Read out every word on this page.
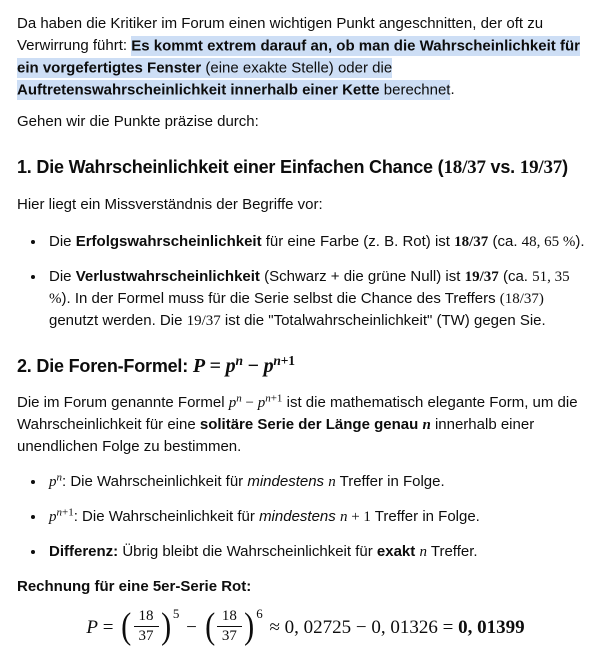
Da haben die Kritiker im Forum einen wichtigen Punkt angeschnitten, der oft zu Verwirrung führt: Es kommt extrem darauf an, ob man die Wahrscheinlichkeit für ein vorgefertigtes Fenster (eine exakte Stelle) oder die Auftretenswahrscheinlichkeit innerhalb einer Kette berechnet.

Gehen wir die Punkte präzise durch:

1. Die Wahrscheinlichkeit einer Einfachen Chance (18/37 vs. 19/37)

Hier liegt ein Missverständnis der Begriffe vor:

• Die Erfolgswahrscheinlichkeit für eine Farbe (z. B. Rot) ist 18/37 (ca. 48, 65 %).
• Die Verlustwahrscheinlichkeit (Schwarz + die grüne Null) ist 19/37 (ca. 51, 35 %). In der Formel muss für die Serie selbst die Chance des Treffers (18/37) genutzt werden. Die 19/37 ist die "Totalwahrscheinlichkeit" (TW) gegen Sie.
2. Die Foren-Formel: $P = p^n - p^{n+1}$

Die im Forum genannte Formel $p^n - p^{n+1}$ ist die mathematisch elegante Form, um die Wahrscheinlichkeit für eine solitäre Serie der Länge genau n innerhalb einer unendlichen Folge zu bestimmen.

• $p^n$: Die Wahrscheinlichkeit für mindestens n Treffer in Folge.
• $p^{n+1}$: Die Wahrscheinlichkeit für mindestens n + 1 Treffer in Folge.
• Differenz: Übrig bleibt die Wahrscheinlichkeit für exakt n Treffer.

Rechnung für eine 5er-Serie Rot:

P = ( $\frac{18}{37}$ ) 5
− ( $\frac{18}{37}$ ) 6
≈ 0, 02725 − 0, 01326 = 0, 01399
